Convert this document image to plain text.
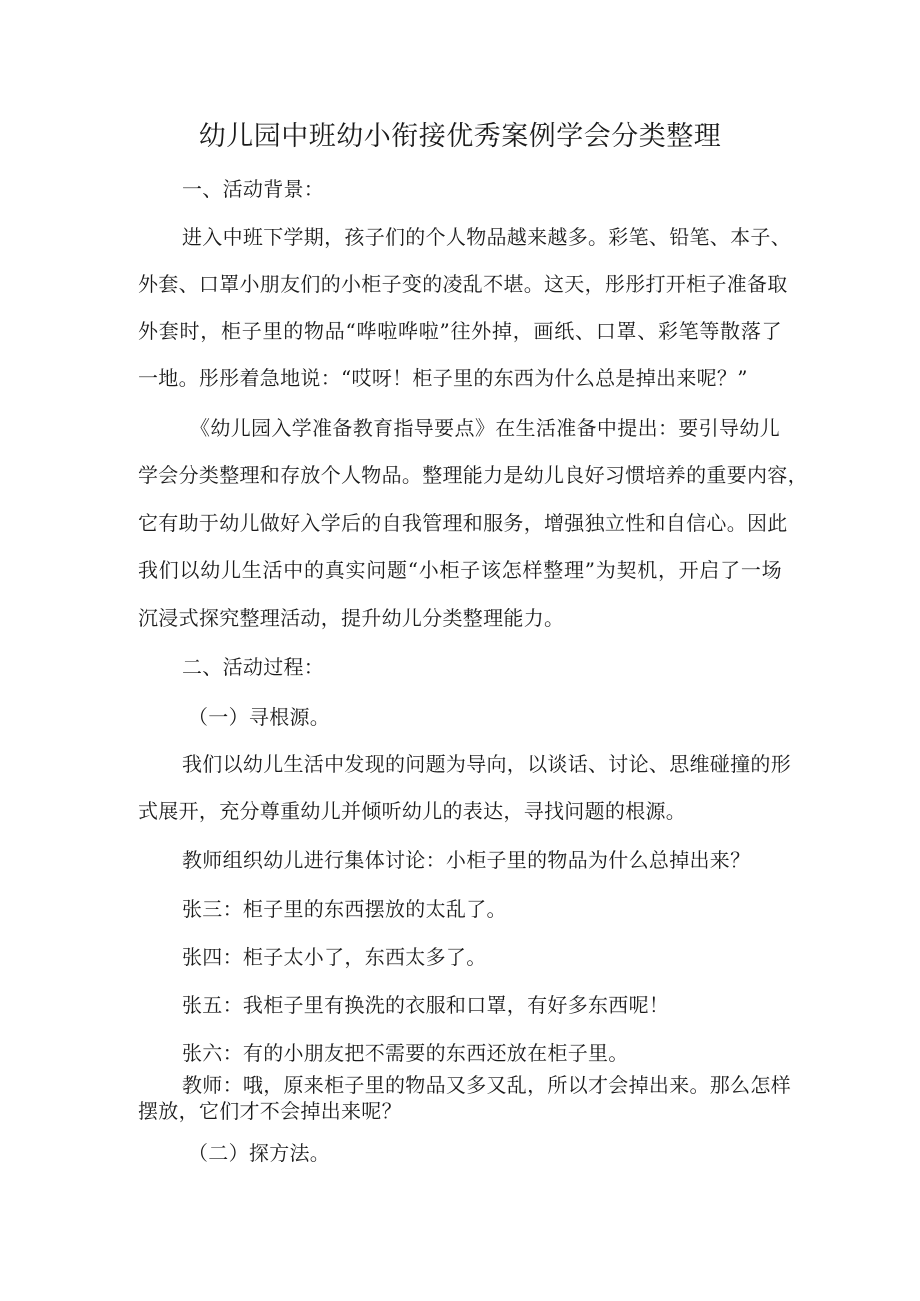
幼儿园中班幼小衔接优秀案例学会分类整理
一、活动背景：
进入中班下学期，孩子们的个人物品越来越多。彩笔、铅笔、本子、
外套、口罩小朋友们的小柜子变的凌乱不堪。这天，彤彤打开柜子准备取
外套时，柜子里的物品“哗啦哗啦”往外掉，画纸、口罩、彩笔等散落了
一地。彤彤着急地说：“哎呀！柜子里的东西为什么总是掉出来呢？”
《幼儿园入学准备教育指导要点》在生活准备中提出：要引导幼儿
学会分类整理和存放个人物品。整理能力是幼儿良好习惯培养的重要内容，
它有助于幼儿做好入学后的自我管理和服务，增强独立性和自信心。因此
我们以幼儿生活中的真实问题“小柜子该怎样整理”为契机，开启了一场
沉浸式探究整理活动，提升幼儿分类整理能力。
二、活动过程：
（一）寻根源。
我们以幼儿生活中发现的问题为导向，以谈话、讨论、思维碰撞的形
式展开，充分尊重幼儿并倾听幼儿的表达，寻找问题的根源。
教师组织幼儿进行集体讨论：小柜子里的物品为什么总掉出来？
张三：柜子里的东西摆放的太乱了。
张四：柜子太小了，东西太多了。
张五：我柜子里有换洗的衣服和口罩，有好多东西呢！
张六：有的小朋友把不需要的东西还放在柜子里。
教师：哦，原来柜子里的物品又多又乱，所以才会掉出来。那么怎样
摆放，它们才不会掉出来呢？
（二）探方法。
